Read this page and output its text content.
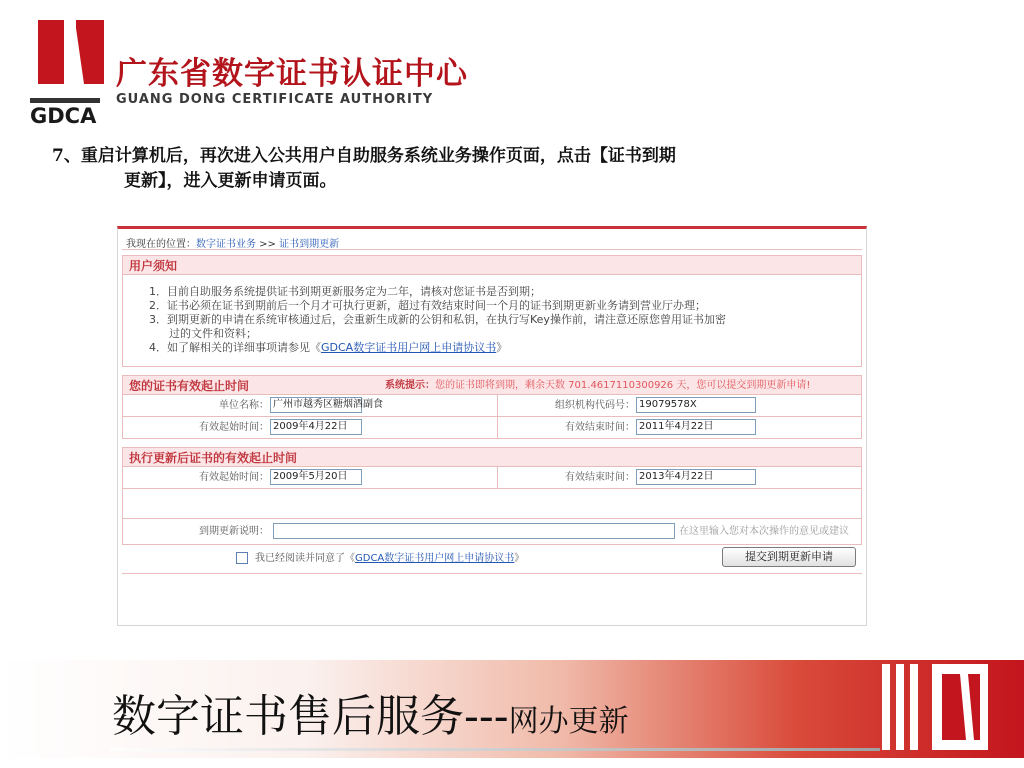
广东省数字证书认证中心
GUANG DONG CERTIFICATE AUTHORITY
GDCA
7、重启计算机后，再次进入公共用户自助服务系统业务操作页面，点击【证书到期
更新】，进入更新申请页面。
我现在的位置：数字证书业务 >> 证书到期更新
用户须知
1．目前自助服务系统提供证书到期更新服务定为二年，请核对您证书是否到期；
2．证书必须在证书到期前后一个月才可执行更新，超过有效结束时间一个月的证书到期更新业务请到营业厅办理；
3．到期更新的申请在系统审核通过后，会重新生成新的公钥和私钥，在执行写Key操作前，请注意还原您曾用证书加密
过的文件和资料；
4．如了解相关的详细事项请参见《GDCA数字证书用户网上申请协议书》
您的证书有效起止时间	系统提示：您的证书即将到期，剩余天数 701.4617110300926 天，您可以提交到期更新申请!
单位名称： 广州市越秀区糖烟酒副食	组织机构代码号： 19079578X
有效起始时间： 2009年4月22日	有效结束时间： 2011年4月22日
执行更新后证书的有效起止时间
有效起始时间： 2009年5月20日	有效结束时间： 2013年4月22日
到期更新说明：	在这里输入您对本次操作的意见或建议
我已经阅读并同意了《GDCA数字证书用户网上申请协议书》	提交到期更新申请
数字证书售后服务---网办更新
